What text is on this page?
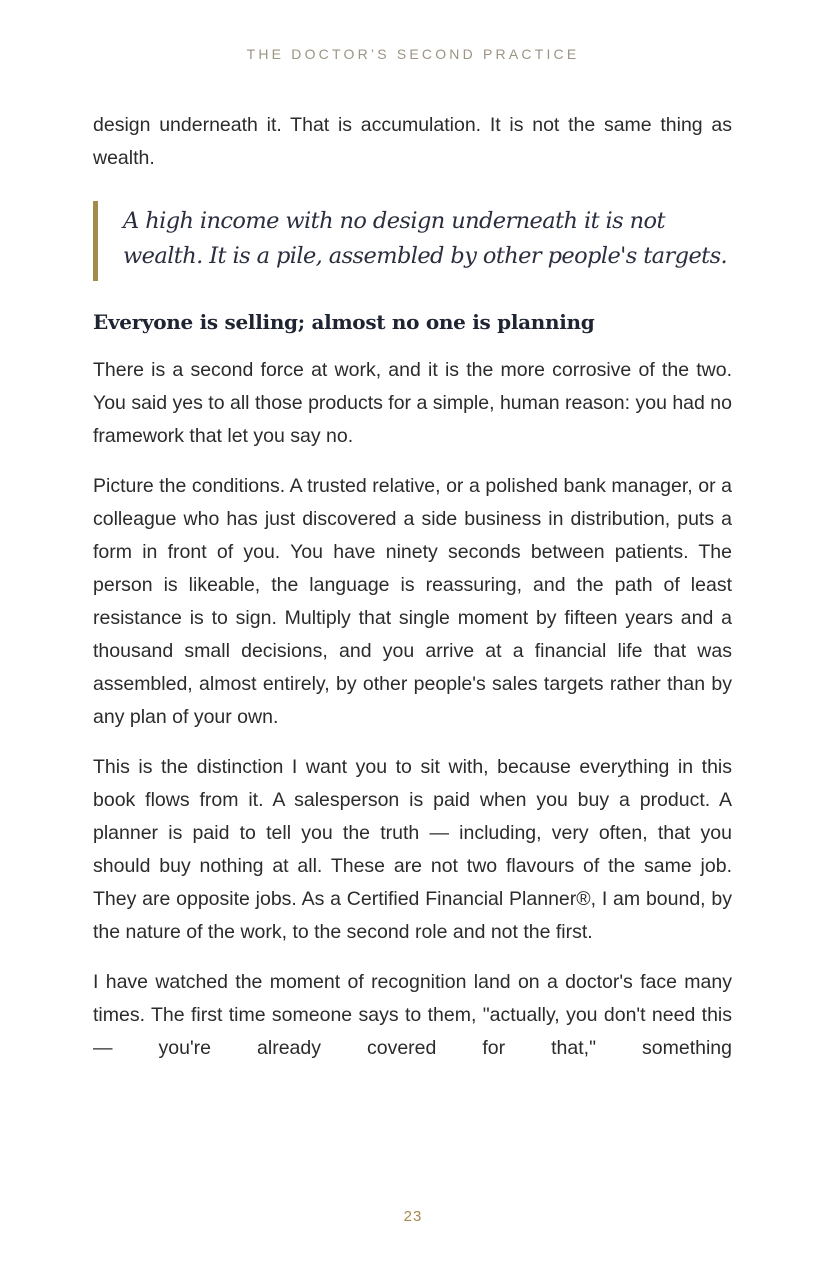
THE DOCTOR’S SECOND PRACTICE

design underneath it. That is accumulation. It is not the same thing as wealth.

A high income with no design underneath it is not wealth. It is a pile, assembled by other people's targets.

Everyone is selling; almost no one is planning

There is a second force at work, and it is the more corrosive of the two. You said yes to all those products for a simple, human reason: you had no framework that let you say no.

Picture the conditions. A trusted relative, or a polished bank manager, or a colleague who has just discovered a side business in distribution, puts a form in front of you. You have ninety seconds between patients. The person is likeable, the language is reassuring, and the path of least resistance is to sign. Multiply that single moment by fifteen years and a thousand small decisions, and you arrive at a financial life that was assembled, almost entirely, by other people's sales targets rather than by any plan of your own.

This is the distinction I want you to sit with, because everything in this book flows from it. A salesperson is paid when you buy a product. A planner is paid to tell you the truth — including, very often, that you should buy nothing at all. These are not two flavours of the same job. They are opposite jobs. As a Certified Financial Planner®, I am bound, by the nature of the work, to the second role and not the first.

I have watched the moment of recognition land on a doctor's face many times. The first time someone says to them, "actually, you don't need this — you're already covered for that," something

23
